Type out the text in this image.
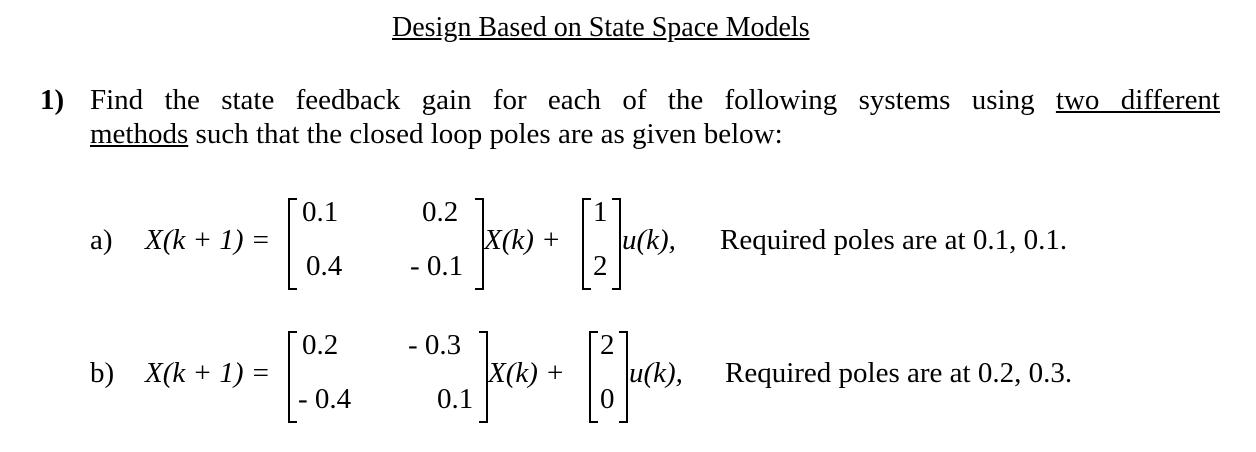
Design Based on State Space Models
1) Find the state feedback gain for each of the following systems using two different
methods such that the closed loop poles are as given below:
a) X(k + 1) =
0.1	0.2
0.4 - 0.1
X(k) +
1
2
u(k), Required poles are at 0.1, 0.1.
b) X(k + 1) =
0.2 - 0.3
- 0.4	0.1
X(k) +
2
0
u(k), Required poles are at 0.2, 0.3.
